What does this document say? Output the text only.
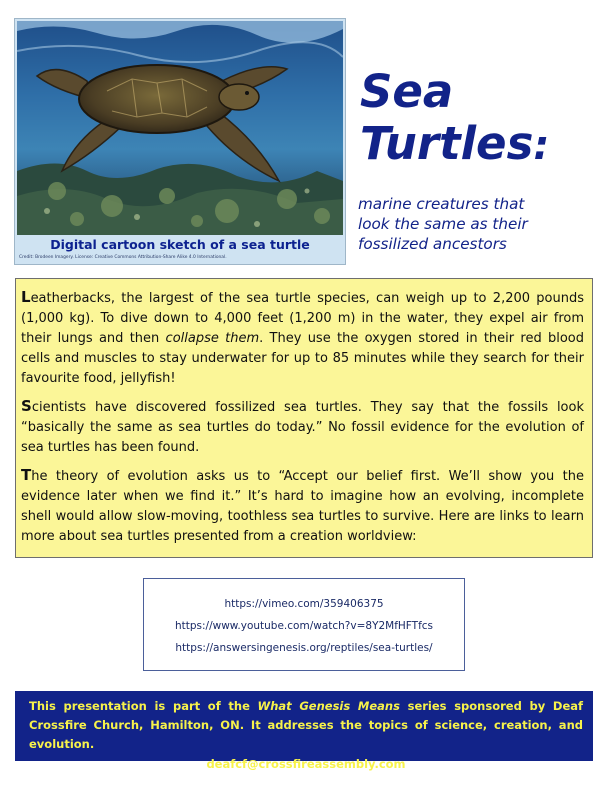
Digital cartoon sketch of a sea turtle
Credit: Brodeen Imagery. License: Creative Commons Attribution-Share Alike 4.0 International.
Sea
Turtles:
marine creatures that
look the same as their
fossilized ancestors

Leatherbacks, the largest of the sea turtle species, can weigh up to 2,200 pounds (1,000 kg). To dive down to 4,000 feet (1,200 m) in the water, they expel air from their lungs and then collapse them. They use the oxygen stored in their red blood cells and muscles to stay underwater for up to 85 minutes while they search for their favourite food, jellyfish!

Scientists have discovered fossilized sea turtles. They say that the fossils look “basically the same as sea turtles do today.” No fossil evidence for the evolution of sea turtles has been found.

The theory of evolution asks us to “Accept our belief first. We’ll show you the evidence later when we find it.” It’s hard to imagine how an evolving, incomplete shell would allow slow-moving, toothless sea turtles to survive. Here are links to learn more about sea turtles presented from a creation worldview:

https://vimeo.com/359406375
https://www.youtube.com/watch?v=8Y2MfHFTfcs
https://answersingenesis.org/reptiles/sea-turtles/

This presentation is part of the What Genesis Means series sponsored by Deaf Crossfire Church, Hamilton, ON. It addresses the topics of science, creation, and evolution.

deafcf@crossfireassembly.com
